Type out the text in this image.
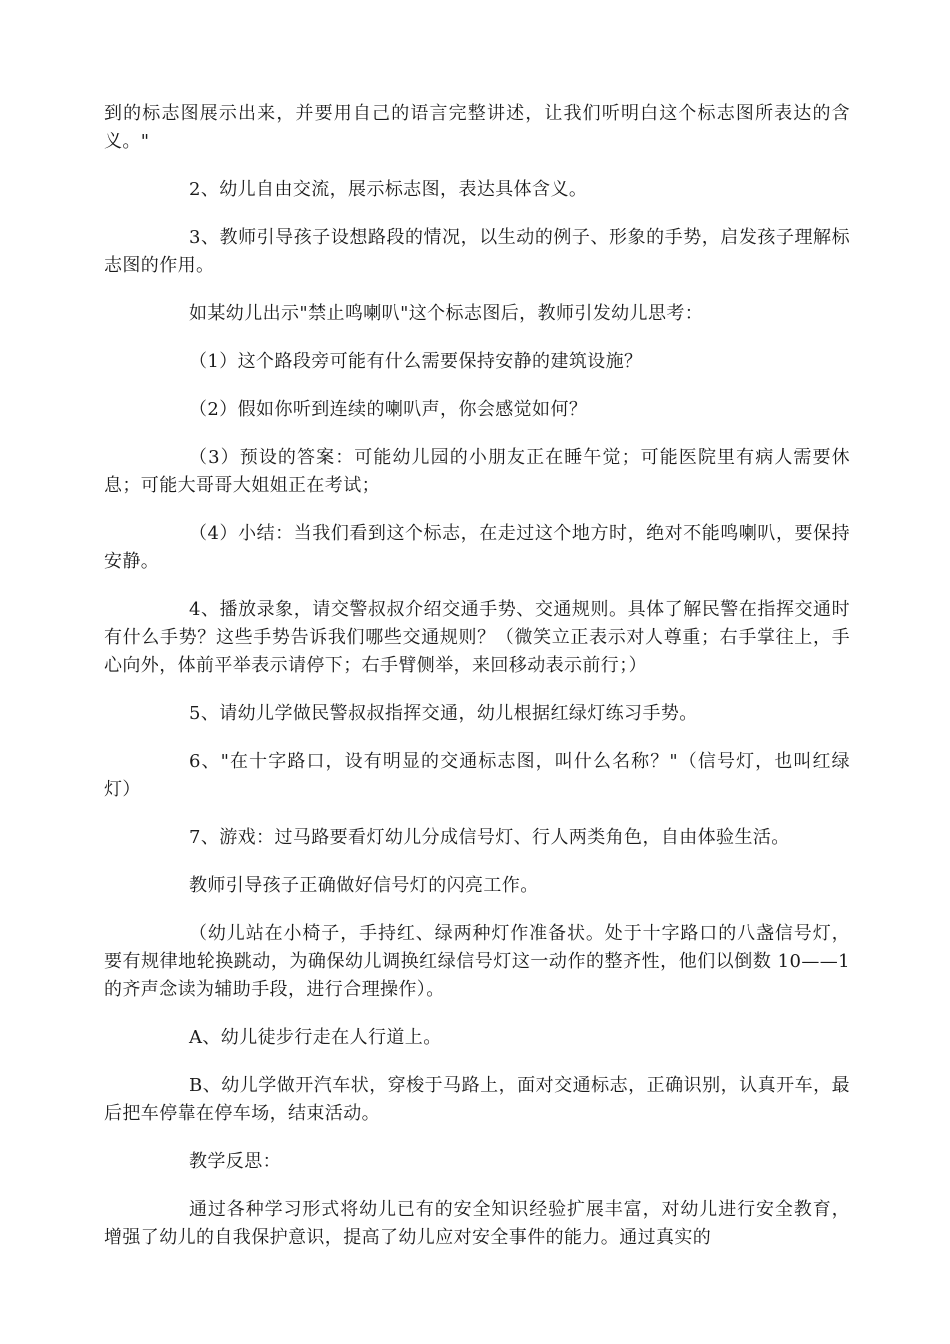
到的标志图展示出来，并要用自己的语言完整讲述，让我们听明白这个标志图所表达的含义。"

2、幼儿自由交流，展示标志图，表达具体含义。

3、教师引导孩子设想路段的情况，以生动的例子、形象的手势，启发孩子理解标志图的作用。

如某幼儿出示"禁止鸣喇叭"这个标志图后，教师引发幼儿思考：

（1）这个路段旁可能有什么需要保持安静的建筑设施？

（2）假如你听到连续的喇叭声，你会感觉如何？

（3）预设的答案：可能幼儿园的小朋友正在睡午觉；可能医院里有病人需要休息；可能大哥哥大姐姐正在考试；

（4）小结：当我们看到这个标志，在走过这个地方时，绝对不能鸣喇叭，要保持安静。

4、播放录象，请交警叔叔介绍交通手势、交通规则。具体了解民警在指挥交通时有什么手势？这些手势告诉我们哪些交通规则？（微笑立正表示对人尊重；右手掌往上，手心向外，体前平举表示请停下；右手臂侧举，来回移动表示前行；）

5、请幼儿学做民警叔叔指挥交通，幼儿根据红绿灯练习手势。

6、"在十字路口，设有明显的交通标志图，叫什么名称？"（信号灯，也叫红绿灯）

7、游戏：过马路要看灯幼儿分成信号灯、行人两类角色，自由体验生活。

教师引导孩子正确做好信号灯的闪亮工作。

（幼儿站在小椅子，手持红、绿两种灯作准备状。处于十字路口的八盏信号灯，要有规律地轮换跳动，为确保幼儿调换红绿信号灯这一动作的整齐性，他们以倒数 10——1 的齐声念读为辅助手段，进行合理操作）。

A、幼儿徒步行走在人行道上。

B、幼儿学做开汽车状，穿梭于马路上，面对交通标志，正确识别，认真开车，最后把车停靠在停车场，结束活动。

教学反思：

通过各种学习形式将幼儿已有的安全知识经验扩展丰富，对幼儿进行安全教育，增强了幼儿的自我保护意识，提高了幼儿应对安全事件的能力。通过真实的
